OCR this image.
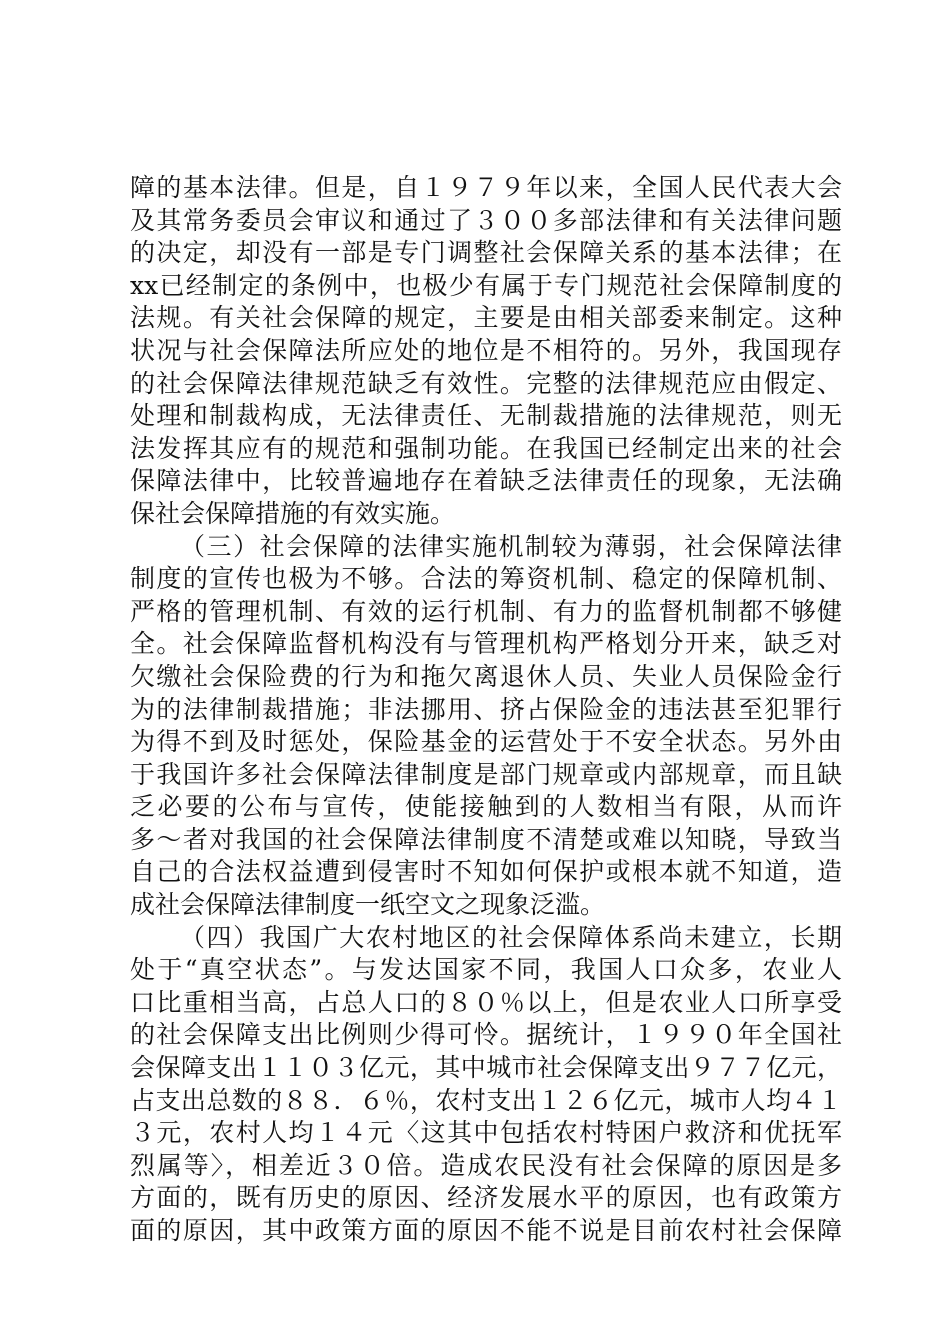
障的基本法律。但是，自１９７９年以来，全国人民代表大会
及其常务委员会审议和通过了３００多部法律和有关法律问题
的决定，却没有一部是专门调整社会保障关系的基本法律；在
xx已经制定的条例中，也极少有属于专门规范社会保障制度的
法规。有关社会保障的规定，主要是由相关部委来制定。这种
状况与社会保障法所应处的地位是不相符的。另外，我国现存
的社会保障法律规范缺乏有效性。完整的法律规范应由假定、
处理和制裁构成，无法律责任、无制裁措施的法律规范，则无
法发挥其应有的规范和强制功能。在我国已经制定出来的社会
保障法律中，比较普遍地存在着缺乏法律责任的现象，无法确
保社会保障措施的有效实施。
（三）社会保障的法律实施机制较为薄弱，社会保障法律
制度的宣传也极为不够。合法的筹资机制、稳定的保障机制、
严格的管理机制、有效的运行机制、有力的监督机制都不够健
全。社会保障监督机构没有与管理机构严格划分开来，缺乏对
欠缴社会保险费的行为和拖欠离退休人员、失业人员保险金行
为的法律制裁措施；非法挪用、挤占保险金的违法甚至犯罪行
为得不到及时惩处，保险基金的运营处于不安全状态。另外由
于我国许多社会保障法律制度是部门规章或内部规章，而且缺
乏必要的公布与宣传，使能接触到的人数相当有限，从而许
多～者对我国的社会保障法律制度不清楚或难以知晓，导致当
自己的合法权益遭到侵害时不知如何保护或根本就不知道，造
成社会保障法律制度一纸空文之现象泛滥。
（四）我国广大农村地区的社会保障体系尚未建立，长期
处于“真空状态”。与发达国家不同，我国人口众多，农业人
口比重相当高，占总人口的８０％以上，但是农业人口所享受
的社会保障支出比例则少得可怜。据统计，１９９０年全国社
会保障支出１１０３亿元，其中城市社会保障支出９７７亿元，
占支出总数的８８．６％，农村支出１２６亿元，城市人均４１
３元，农村人均１４元〈这其中包括农村特困户救济和优抚军
烈属等〉，相差近３０倍。造成农民没有社会保障的原因是多
方面的，既有历史的原因、经济发展水平的原因，也有政策方
面的原因，其中政策方面的原因不能不说是目前农村社会保障
